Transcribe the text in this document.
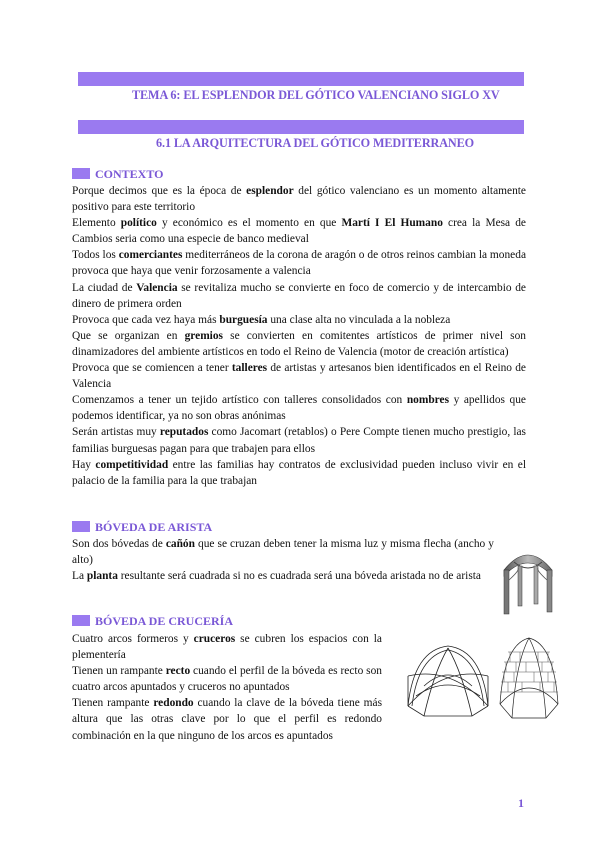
TEMA 6: EL ESPLENDOR DEL GÓTICO VALENCIANO SIGLO XV
6.1 LA ARQUITECTURA DEL GÓTICO MEDITERRANEO
CONTEXTO

Porque decimos que es la época de esplendor del gótico valenciano es un momento altamente positivo para este territorio

Elemento político y económico es el momento en que Martí I El Humano crea la Mesa de Cambios seria como una especie de banco medieval

Todos los comerciantes mediterráneos de la corona de aragón o de otros reinos cambian la moneda provoca que haya que venir forzosamente a valencia

La ciudad de Valencia se revitaliza mucho se convierte en foco de comercio y de intercambio de dinero de primera orden

Provoca que cada vez haya más burguesía una clase alta no vinculada a la nobleza

Que se organizan en gremios se convierten en comitentes artísticos de primer nivel son dinamizadores del ambiente artísticos en todo el Reino de Valencia (motor de creación artística)

Provoca que se comiencen a tener talleres de artistas y artesanos bien identificados en el Reino de Valencia

Comenzamos a tener un tejido artístico con talleres consolidados con nombres y apellidos que podemos identificar, ya no son obras anónimas

Serán artistas muy reputados como Jacomart (retablos) o Pere Compte tienen mucho prestigio, las familias burguesas pagan para que trabajen para ellos

Hay competitividad entre las familias hay contratos de exclusividad pueden incluso vivir en el palacio de la familia para la que trabajan

BÓVEDA DE ARISTA

Son dos bóvedas de cañón que se cruzan deben tener la misma luz y misma flecha (ancho y alto)

La planta resultante será cuadrada si no es cuadrada será una bóveda aristada no de arista

BÓVEDA DE CRUCERÍA

Cuatro arcos formeros y cruceros se cubren los espacios con la plementería

Tienen un rampante recto cuando el perfil de la bóveda es recto son cuatro arcos apuntados y cruceros no apuntados

Tienen rampante redondo cuando la clave de la bóveda tiene más altura que las otras clave por lo que el perfil es redondo combinación en la que ninguno de los arcos es apuntados

1
